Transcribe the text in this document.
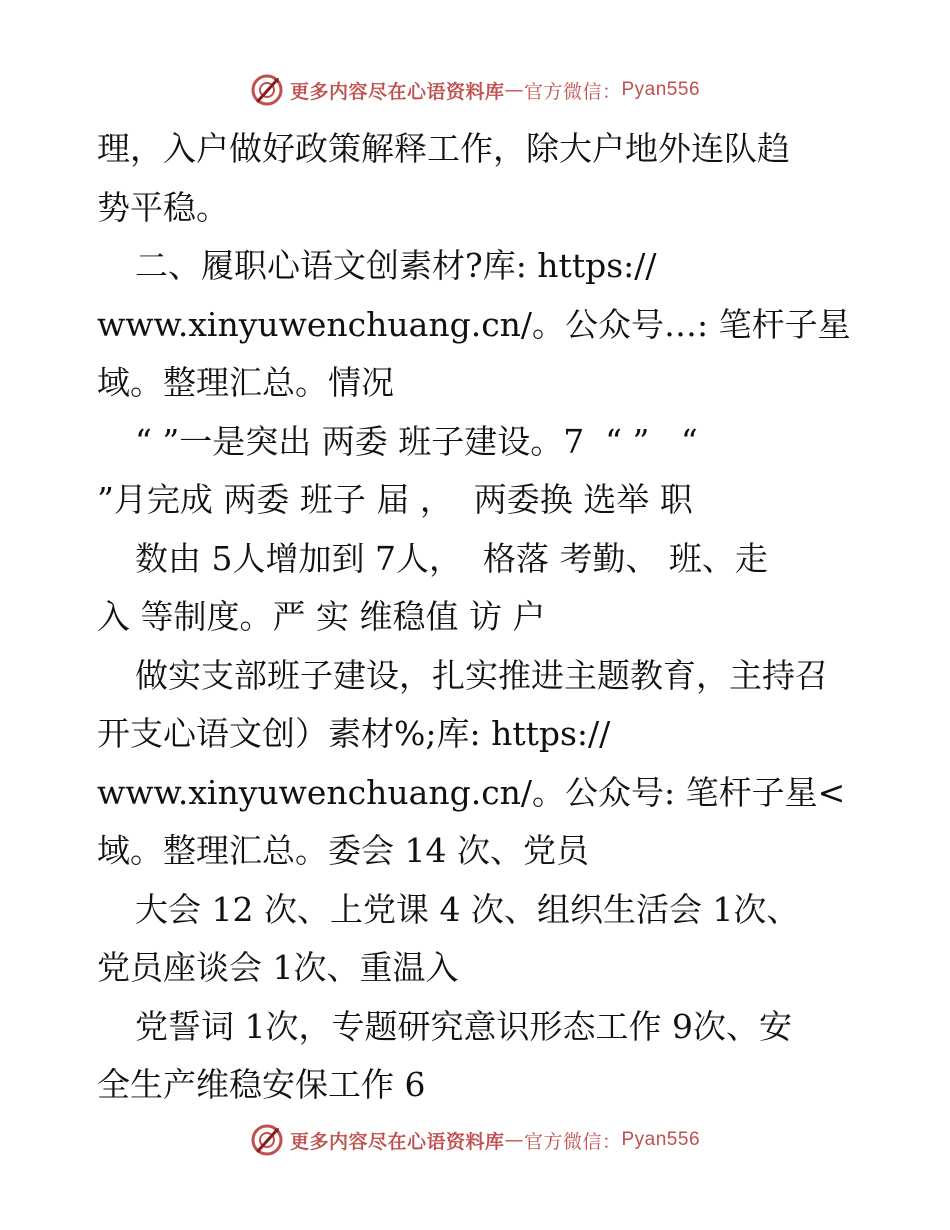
更多内容尽在心语资料库 — 官方微信： Pyan556
理，入户做好政策解释工作，除大户地外连队趋
势平稳。
二、履职心语文创素材?库: https://
www.xinyuwenchuang.cn/。公众号…: 笔杆子星
域。整理汇总。情况
“ ”一是突出 两委 班子建设。7  “ ”   “
”月完成 两委 班子 届 ，  两委换 选举 职
数由 5人增加到 7人，  格落 考勤、 班、走
入 等制度。严 实 维稳值 访 户
做实支部班子建设，扎实推进主题教育，主持召
开支心语文创）素材%;库: https://
www.xinyuwenchuang.cn/。公众号: 笔杆子星<
域。整理汇总。委会 14 次、党员
大会 12 次、上党课 4 次、组织生活会 1次、
党员座谈会 1次、重温入
党誓词 1次，专题研究意识形态工作 9次、安
全生产维稳安保工作 6
更多内容尽在心语资料库 — 官方微信： Pyan556
